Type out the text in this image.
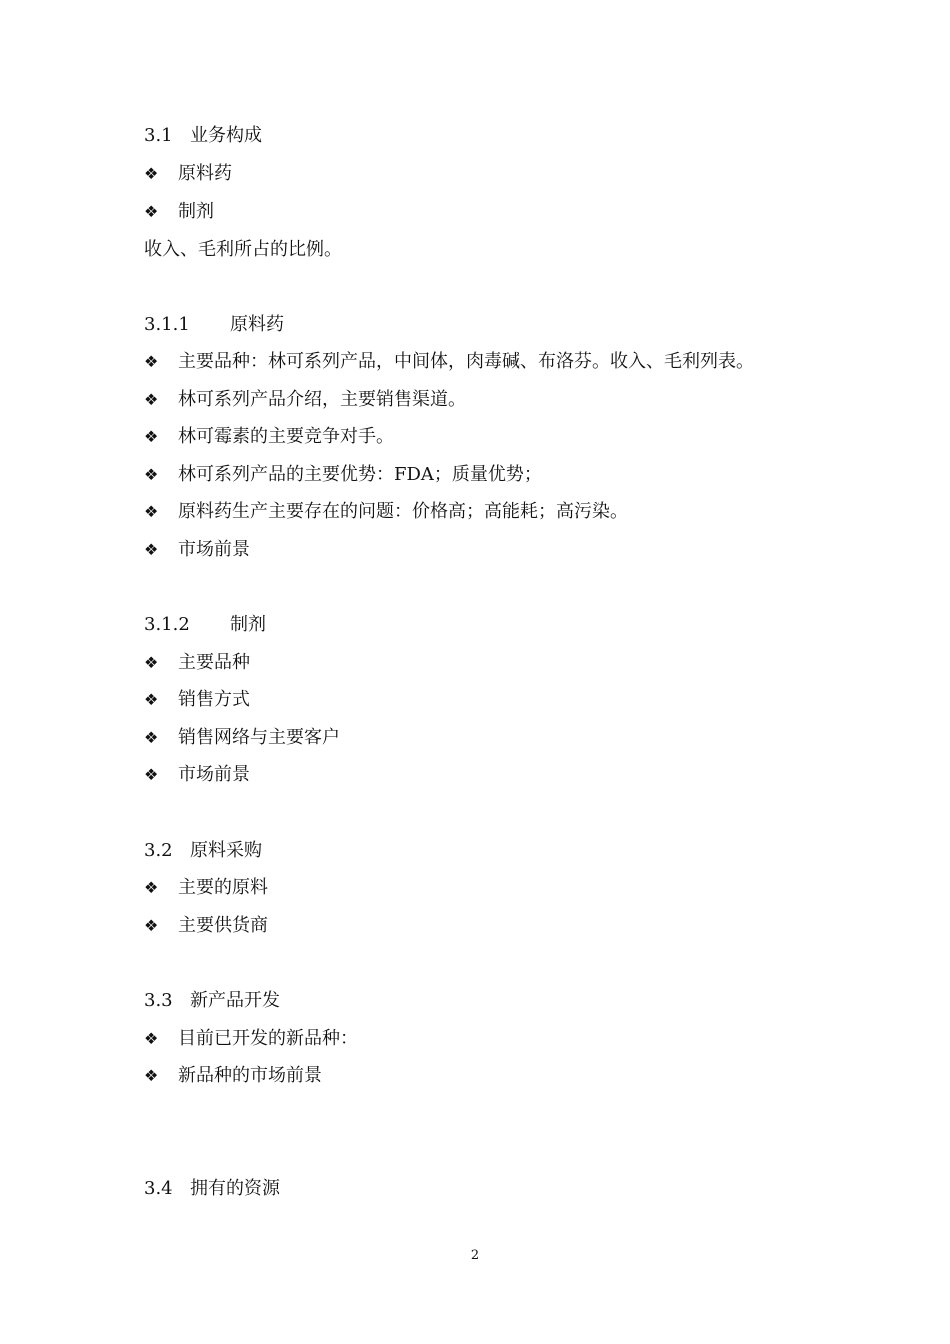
3.1 业务构成
❖ 原料药
❖ 制剂
收入、毛利所占的比例。
3.1.1 原料药
❖ 主要品种：林可系列产品，中间体，肉毒碱、布洛芬。收入、毛利列表。
❖ 林可系列产品介绍，主要销售渠道。
❖ 林可霉素的主要竞争对手。
❖ 林可系列产品的主要优势：FDA；质量优势；
❖ 原料药生产主要存在的问题：价格高；高能耗；高污染。
❖ 市场前景
3.1.2 制剂
❖ 主要品种
❖ 销售方式
❖ 销售网络与主要客户
❖ 市场前景
3.2 原料采购
❖ 主要的原料
❖ 主要供货商
3.3 新产品开发
❖ 目前已开发的新品种：
❖ 新品种的市场前景
3.4 拥有的资源
2
